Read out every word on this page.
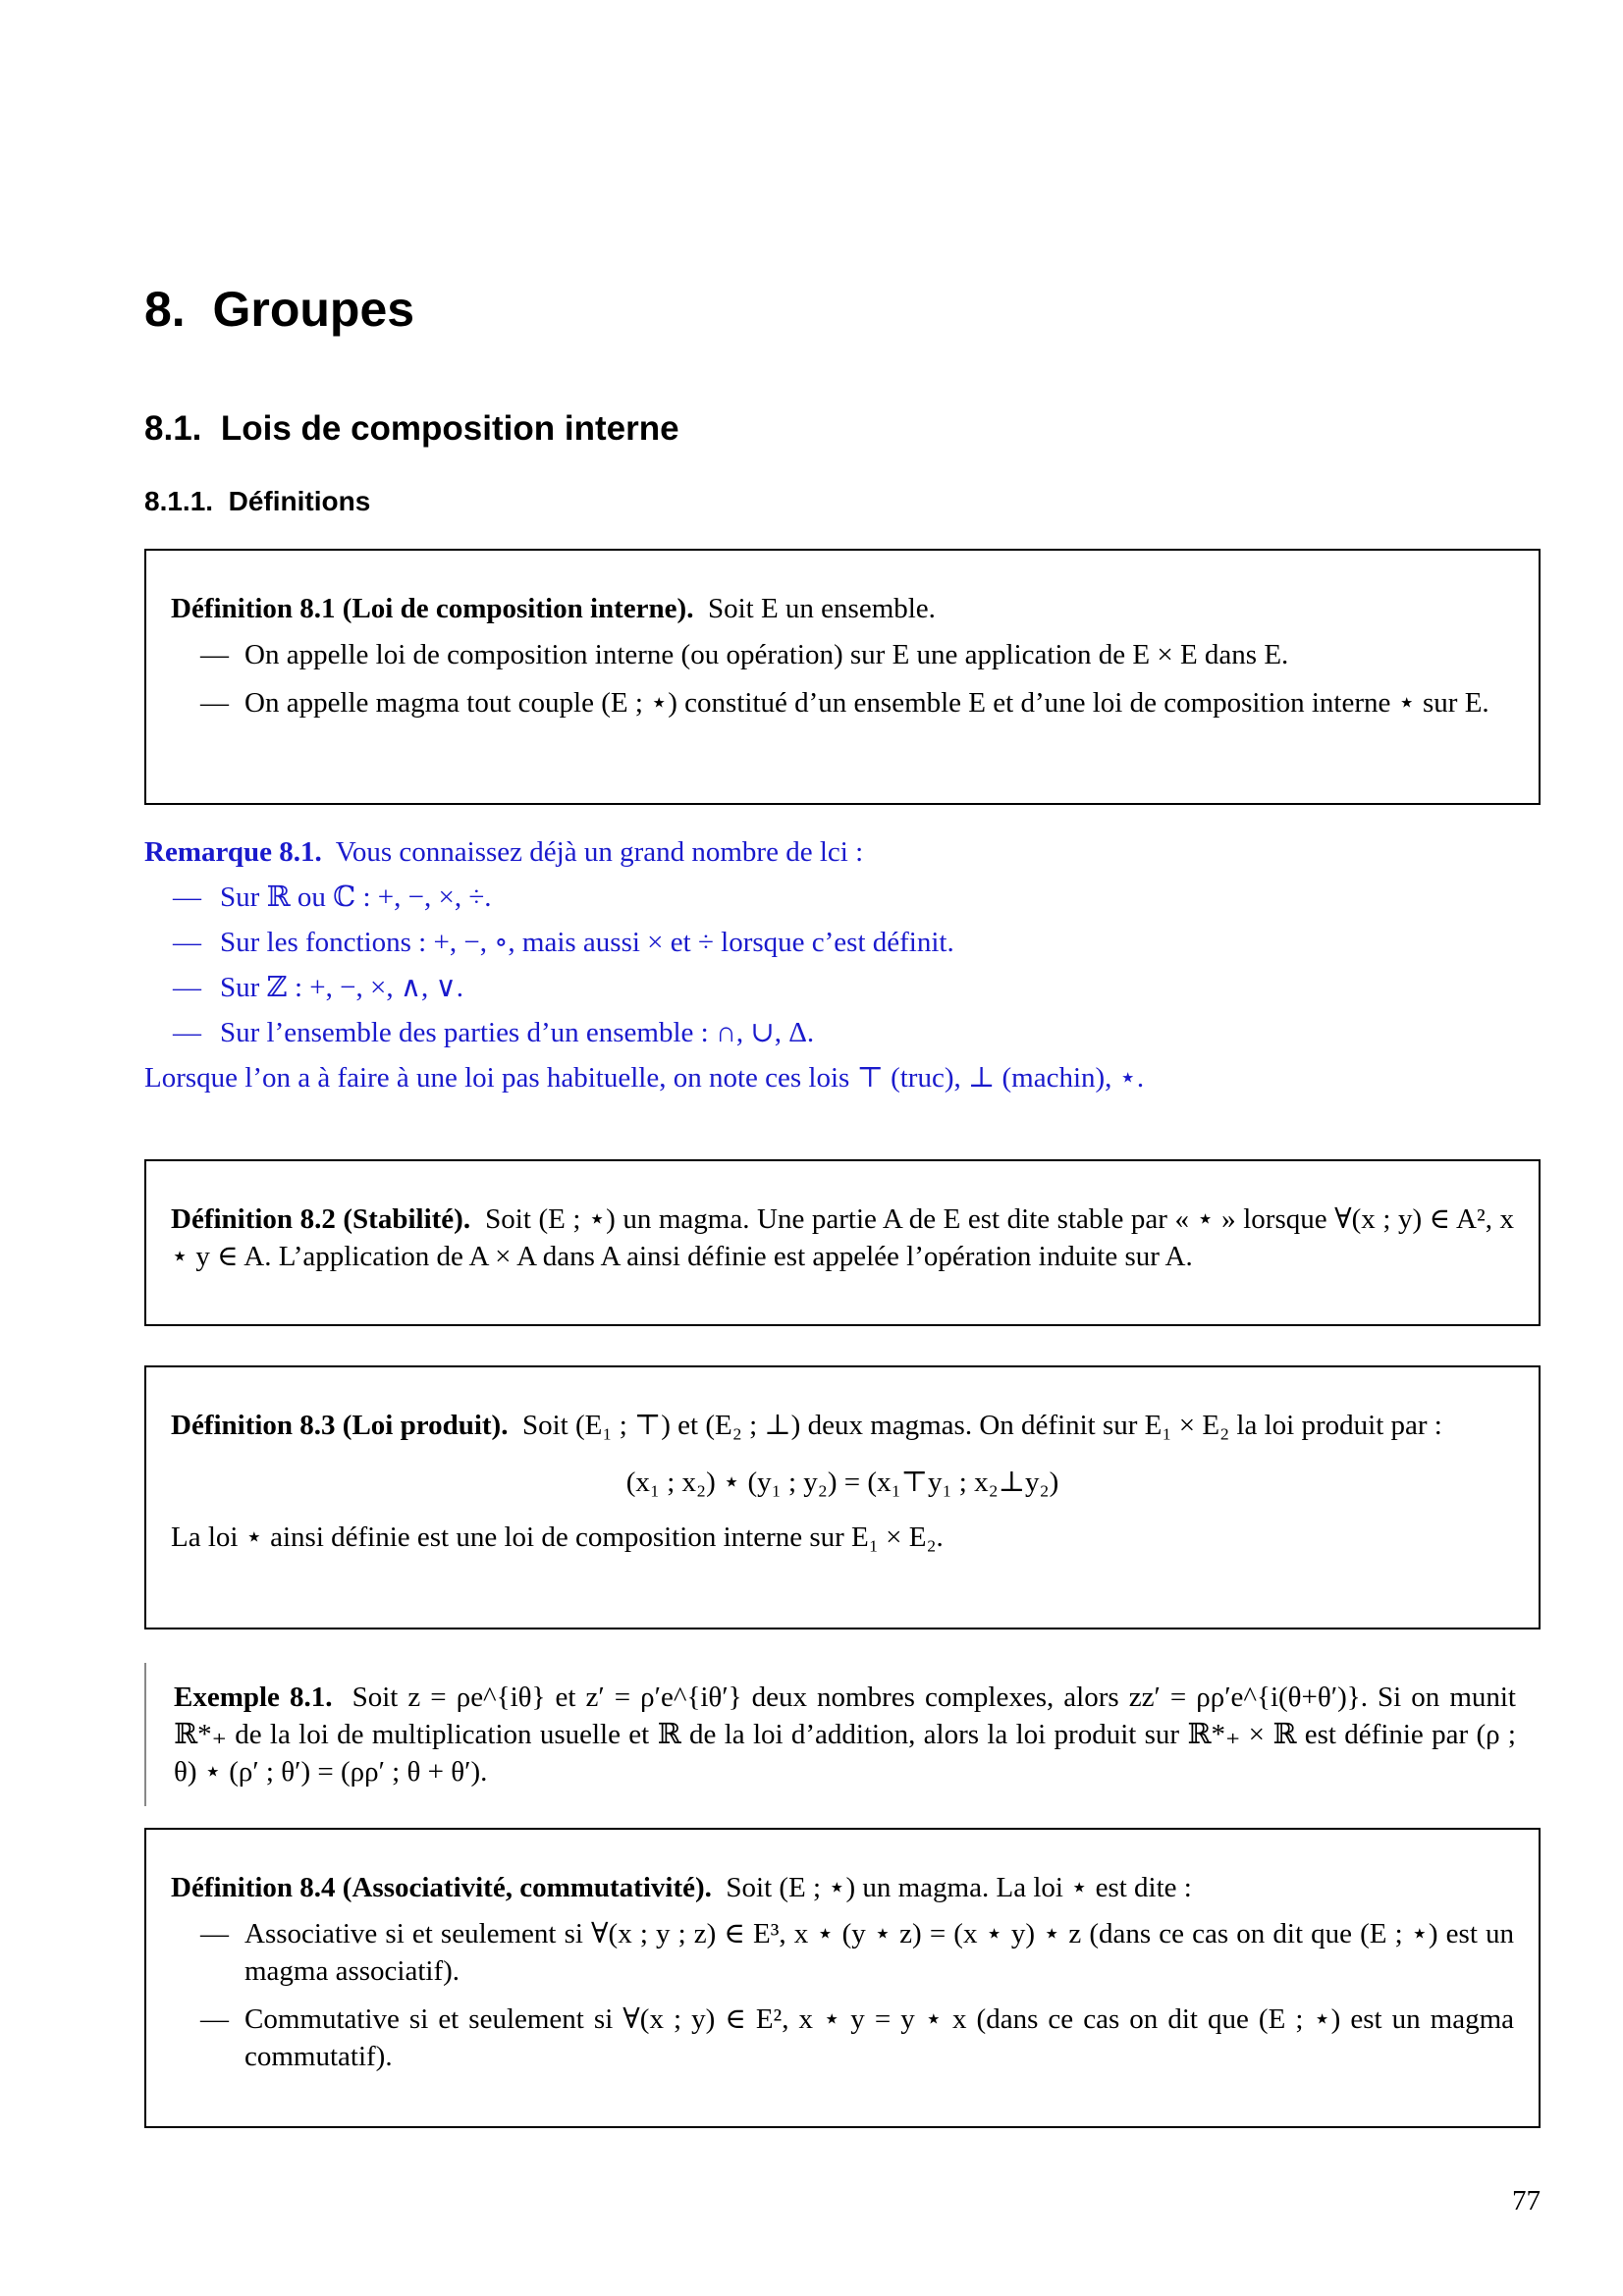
8. Groupes
8.1. Lois de composition interne
8.1.1. Définitions

Définition 8.1 (Loi de composition interne). Soit E un ensemble.

— On appelle loi de composition interne (ou opération) sur E une application de E × E dans E.
— On appelle magma tout couple (E ; ⋆) constitué d’un ensemble E et d’une loi de composition interne ⋆ sur E.

Remarque 8.1. Vous connaissez déjà un grand nombre de lci :

— Sur ℝ ou ℂ : +, −, ×, ÷.
— Sur les fonctions : +, −, ∘, mais aussi × et ÷ lorsque c’est définit.
— Sur ℤ : +, −, ×, ∧, ∨.
— Sur l’ensemble des parties d’un ensemble : ∩, ∪, Δ.

Lorsque l’on a à faire à une loi pas habituelle, on note ces lois ⊤ (truc), ⊥ (machin), ⋆.

Définition 8.2 (Stabilité). Soit (E ; ⋆) un magma. Une partie A de E est dite stable par « ⋆ » lorsque ∀(x ; y) ∈ A², x ⋆ y ∈ A. L’application de A × A dans A ainsi définie est appelée l’opération induite sur A.

Définition 8.3 (Loi produit). Soit (E₁ ; ⊤) et (E₂ ; ⊥) deux magmas. On définit sur E₁ × E₂ la loi produit par :

(x₁ ; x₂) ⋆ (y₁ ; y₂) = (x₁⊤y₁ ; x₂⊥y₂)

La loi ⋆ ainsi définie est une loi de composition interne sur E₁ × E₂.

Exemple 8.1. Soit z = ρe^{iθ} et z′ = ρ′e^{iθ′} deux nombres complexes, alors zz′ = ρρ′e^{i(θ+θ′)}. Si on munit ℝ*₊ de la loi de multiplication usuelle et ℝ de la loi d’addition, alors la loi produit sur ℝ*₊ × ℝ est définie par (ρ ; θ) ⋆ (ρ′ ; θ′) = (ρρ′ ; θ + θ′).

Définition 8.4 (Associativité, commutativité). Soit (E ; ⋆) un magma. La loi ⋆ est dite :

— Associative si et seulement si ∀(x ; y ; z) ∈ E³, x ⋆ (y ⋆ z) = (x ⋆ y) ⋆ z (dans ce cas on dit que (E ; ⋆) est un magma associatif).
— Commutative si et seulement si ∀(x ; y) ∈ E², x ⋆ y = y ⋆ x (dans ce cas on dit que (E ; ⋆) est un magma commutatif).
77
